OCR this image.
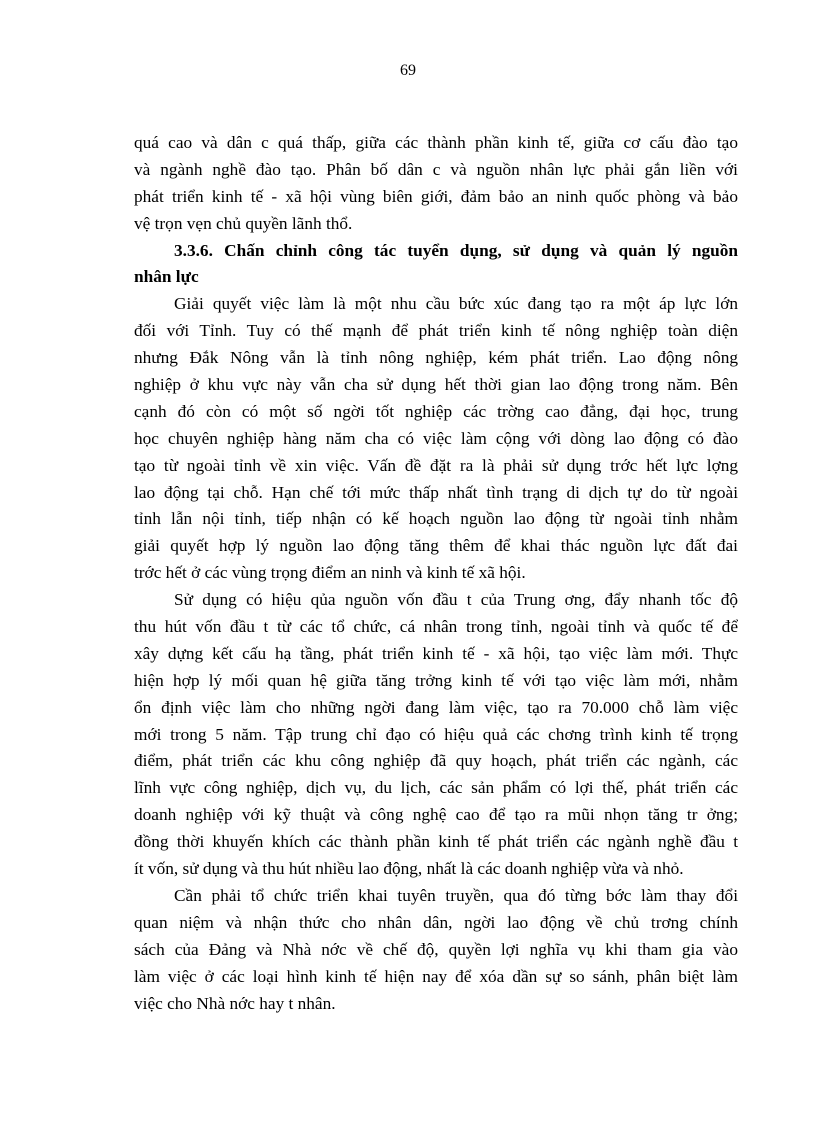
69
quá cao và dân c quá thấp, giữa các thành phần kinh tế, giữa cơ cấu đào tạo
và ngành nghề đào tạo. Phân bố dân c và nguồn nhân lực phải gắn liền với
phát triển kinh tế - xã hội vùng biên giới, đảm bảo an ninh quốc phòng và bảo
vệ trọn vẹn chủ quyền lãnh thổ.
3.3.6. Chấn chỉnh công tác tuyển dụng, sử dụng và quản lý nguồn
nhân lực
Giải quyết việc làm là một nhu cầu bức xúc đang tạo ra một áp lực lớn
đối với Tỉnh. Tuy có thế mạnh để phát triển kinh tế nông nghiệp toàn diện
nhưng Đắk Nông vẫn là tỉnh nông nghiệp, kém phát triển. Lao động nông
nghiệp ở khu vực này vẫn cha sử dụng hết thời gian lao động trong năm. Bên
cạnh đó còn có một số ngời tốt nghiệp các trờng cao đẳng, đại học, trung
học chuyên nghiệp hàng năm cha có việc làm cộng với dòng lao động có đào
tạo từ ngoài tỉnh về xin việc. Vấn đề đặt ra là phải sử dụng trớc hết lực lợng
lao động tại chỗ. Hạn chế tới mức thấp nhất tình trạng di dịch tự do từ ngoài
tỉnh lẫn nội tỉnh, tiếp nhận có kế hoạch nguồn lao động từ ngoài tỉnh nhằm
giải quyết hợp lý nguồn lao động tăng thêm để khai thác nguồn lực đất đai
trớc hết ở các vùng trọng điểm an ninh và kinh tế xã hội.
Sử dụng có hiệu qủa nguồn vốn đầu t của Trung ơng, đẩy nhanh tốc độ
thu hút vốn đầu t từ các tổ chức, cá nhân trong tỉnh, ngoài tỉnh và quốc tế để
xây dựng kết cấu hạ tầng, phát triển kinh tế - xã hội, tạo việc làm mới. Thực
hiện hợp lý mối quan hệ giữa tăng trởng kinh tế với tạo việc làm mới, nhằm
ổn định việc làm cho những ngời đang làm việc, tạo ra 70.000 chỗ làm việc
mới trong 5 năm. Tập trung chỉ đạo có hiệu quả các chơng trình kinh tế trọng
điểm, phát triển các khu công nghiệp đã quy hoạch, phát triển các ngành, các
lĩnh vực công nghiệp, dịch vụ, du lịch, các sản phẩm có lợi thế, phát triển các
doanh nghiệp với kỹ thuật và công nghệ cao để tạo ra mũi nhọn tăng tr ởng;
đồng thời khuyến khích các thành phần kinh tế phát triển các ngành nghề đầu t
ít vốn, sử dụng và thu hút nhiều lao động, nhất là các doanh nghiệp vừa và nhỏ.
Cần phải tổ chức triển khai tuyên truyền, qua đó từng bớc làm thay đổi
quan niệm và nhận thức cho nhân dân, ngời lao động về chủ trơng chính
sách của Đảng và Nhà nớc về chế độ, quyền lợi nghĩa vụ khi tham gia vào
làm việc ở các loại hình kinh tế hiện nay để xóa dần sự so sánh, phân biệt làm
việc cho Nhà nớc hay t nhân.
